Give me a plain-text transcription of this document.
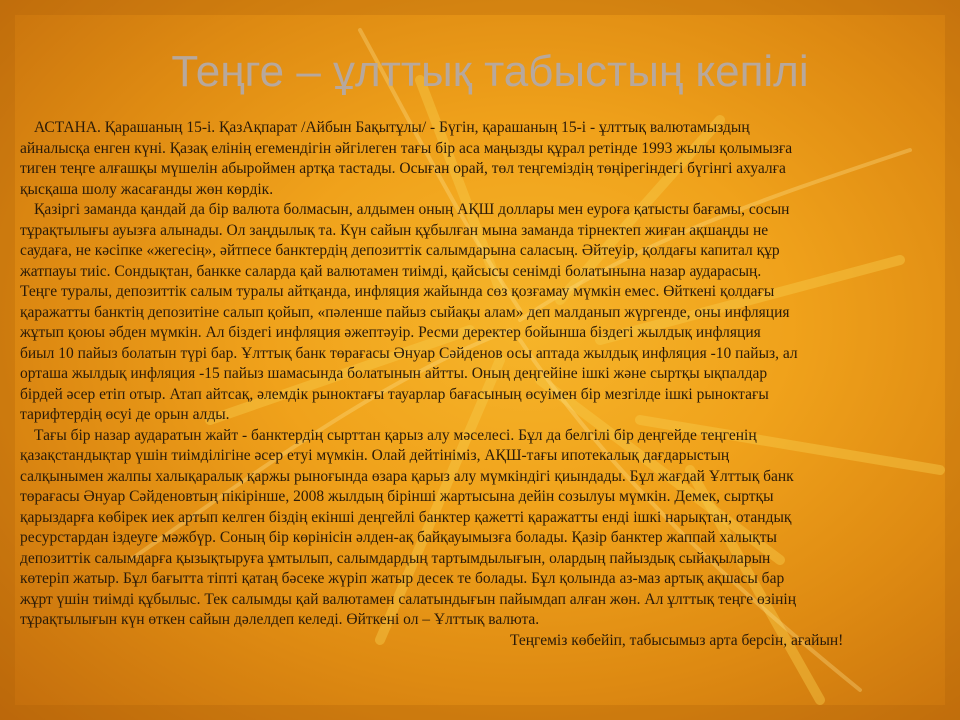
Теңге – ұлттық табыстың кепілі
АСТАНА. Қарашаның 15-і. ҚазАқпарат /Айбын Бақытұлы/ - Бүгін, қарашаның 15-і - ұлттық валютамыздың
айналысқа енген күні. Қазақ елінің егемендігін әйгілеген тағы бір аса маңызды құрал ретінде 1993 жылы қолымызға
тиген теңге алғашқы мүшелін абыроймен артқа тастады. Осыған орай, төл теңгеміздің төңірегіндегі бүгінгі ахуалға
қысқаша шолу жасағанды жөн көрдік.
Қазіргі заманда қандай да бір валюта болмасын, алдымен оның АҚШ доллары мен еуроға қатысты бағамы, сосын
тұрақтылығы ауызға алынады. Ол заңдылық та. Күн сайын құбылған мына заманда тірнектеп жиған ақшаңды не
саудаға, не кәсіпке «жегесің», әйтпесе банктердің депозиттік салымдарына саласың. Әйтеуір, қолдағы капитал құр
жатпауы тиіс. Сондықтан, банкке саларда қай валютамен тиімді, қайсысы сенімді болатынына назар аударасың.
Теңге туралы, депозиттік салым туралы айтқанда, инфляция жайында сөз қозғамау мүмкін емес. Өйткені қолдағы
қаражатты банктің депозитіне салып қойып, «пәленше пайыз сыйақы алам» деп малданып жүргенде, оны инфляция
жұтып қоюы әбден мүмкін. Ал біздегі инфляция әжептәуір. Ресми деректер бойынша біздегі жылдық инфляция
биыл 10 пайыз болатын түрі бар. Ұлттық банк төрағасы Әнуар Сәйденов осы аптада жылдық инфляция -10 пайыз, ал
орташа жылдық инфляция -15 пайыз шамасында болатынын айтты. Оның деңгейіне ішкі және сыртқы ықпалдар
бірдей әсер етіп отыр. Атап айтсақ, әлемдік рыноктағы тауарлар бағасының өсуімен бір мезгілде ішкі рыноктағы
тарифтердің өсуі де орын алды.
Тағы бір назар аударатын жайт - банктердің сырттан қарыз алу мәселесі. Бұл да белгілі бір деңгейде теңгенің
қазақстандықтар үшін тиімділігіне әсер етуі мүмкін. Олай дейтініміз, АҚШ-тағы ипотекалық дағдарыстың
салқынымен жалпы халықаралық қаржы рыноғында өзара қарыз алу мүмкіндігі қиындады. Бұл жағдай Ұлттық банк
төрағасы Әнуар Сәйденовтың пікірінше, 2008 жылдың бірінші жартысына дейін созылуы мүмкін. Демек, сыртқы
қарыздарға көбірек иек артып келген біздің екінші деңгейлі банктер қажетті қаражатты енді ішкі нарықтан, отандық
ресурстардан іздеуге мәжбүр. Соның бір көрінісін әлден-ақ байқауымызға болады. Қазір банктер жаппай халықты
депозиттік салымдарға қызықтыруға ұмтылып, салымдардың тартымдылығын, олардың пайыздық сыйақыларын
көтеріп жатыр. Бұл бағытта тіпті қатаң бәсеке жүріп жатыр десек те болады. Бұл қолында аз-маз артық ақшасы бар
жұрт үшін тиімді құбылыс. Тек салымды қай валютамен салатындығын пайымдап алған жөн. Ал ұлттық теңге өзінің
тұрақтылығын күн өткен сайын дәлелдеп келеді. Өйткені ол – Ұлттық валюта.
Теңгеміз көбейіп, табысымыз арта берсін, ағайын!
